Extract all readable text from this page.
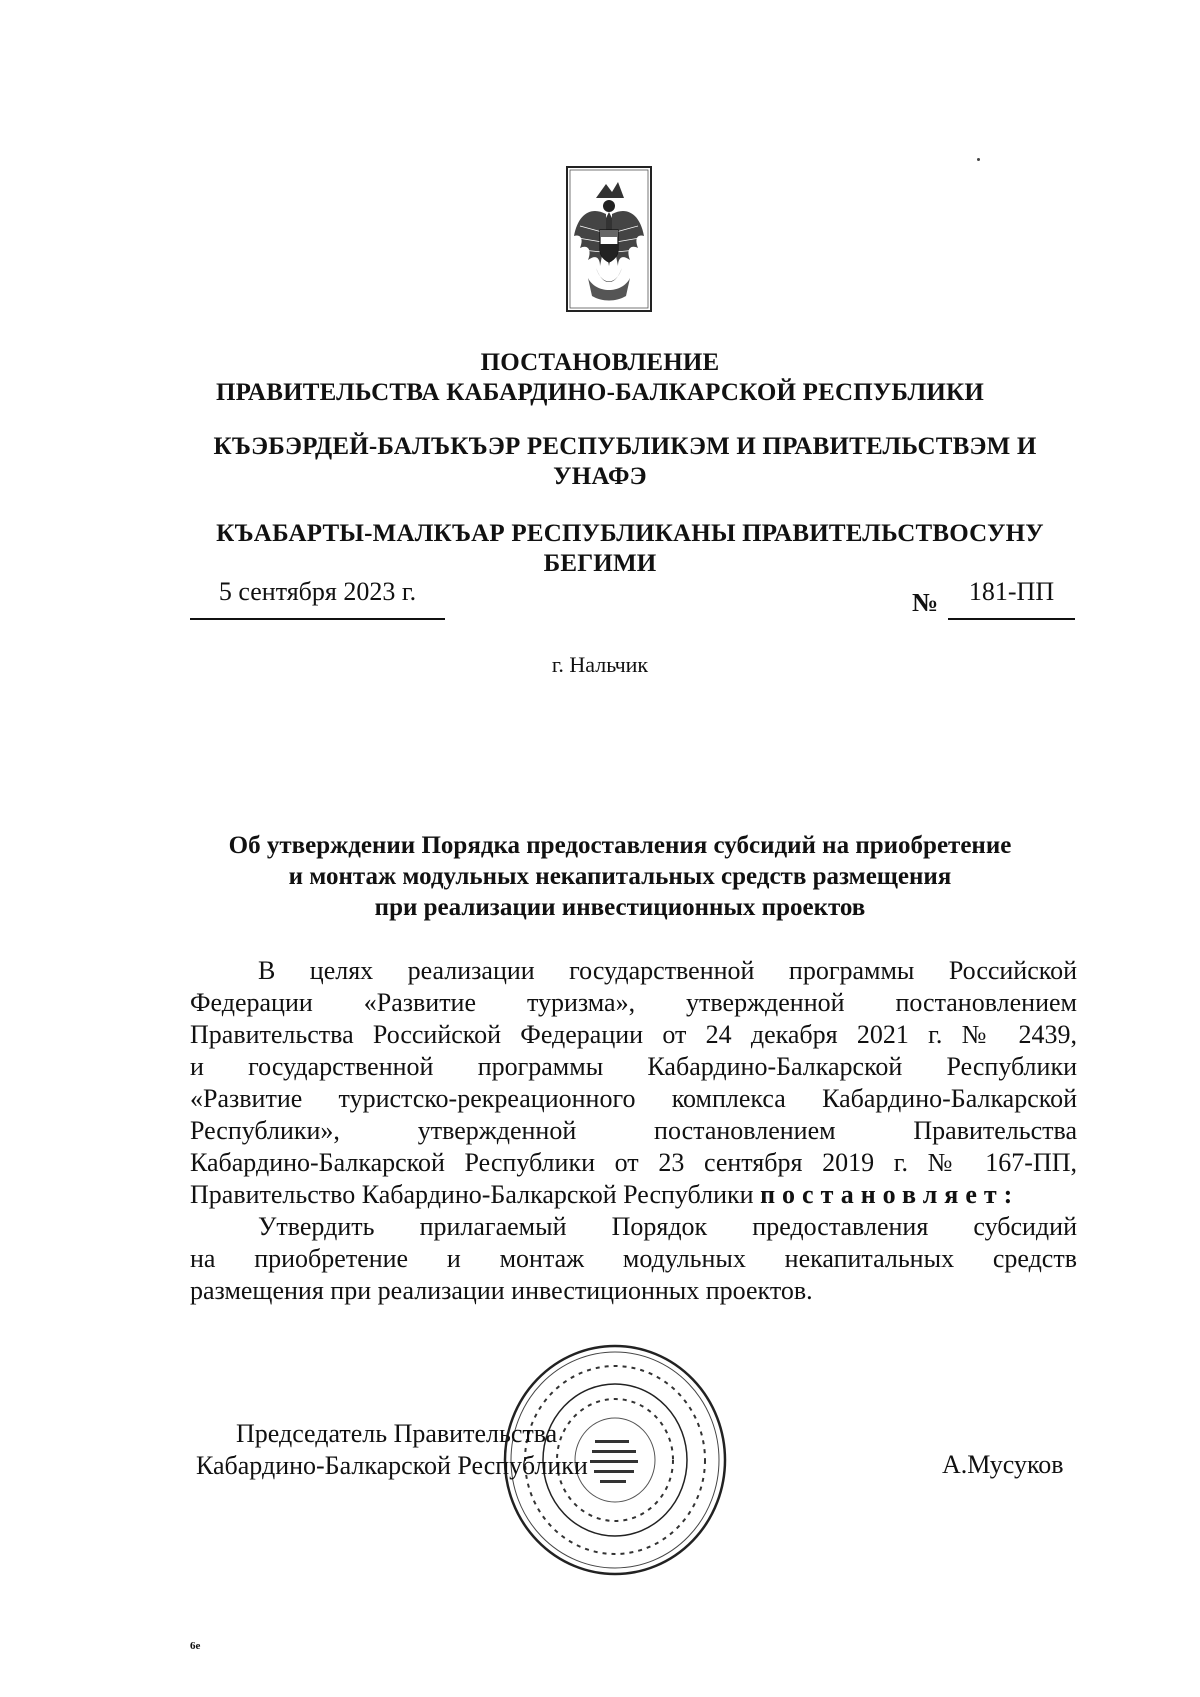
ПОСТАНОВЛЕНИЕ
ПРАВИТЕЛЬСТВА КАБАРДИНО-БАЛКАРСКОЙ РЕСПУБЛИКИ
КЪЭБЭРДЕЙ-БАЛЪКЪЭР РЕСПУБЛИКЭМ И ПРАВИТЕЛЬСТВЭМ И
УНАФЭ
КЪАБАРТЫ-МАЛКЪАР РЕСПУБЛИКАНЫ ПРАВИТЕЛЬСТВОСУНУ
БЕГИМИ
5 сентября 2023 г.	№	181-ПП
г. Нальчик
Об утверждении Порядка предоставления субсидий на приобретение
и монтаж модульных некапитальных средств размещения
при реализации инвестиционных проектов
В целях реализации государственной программы Российской
Федерации «Развитие туризма», утвержденной постановлением
Правительства Российской Федерации от 24 декабря 2021 г. № 2439,
и государственной программы Кабардино-Балкарской Республики
«Развитие туристско-рекреационного комплекса Кабардино-Балкарской
Республики», утвержденной постановлением Правительства
Кабардино-Балкарской Республики от 23 сентября 2019 г. № 167-ПП,
Правительство Кабардино-Балкарской Республики постановляет:
Утвердить прилагаемый Порядок предоставления субсидий
на приобретение и монтаж модульных некапитальных средств
размещения при реализации инвестиционных проектов.
Председатель Правительства
Кабардино-Балкарской Республики	А.Мусуков
6е
